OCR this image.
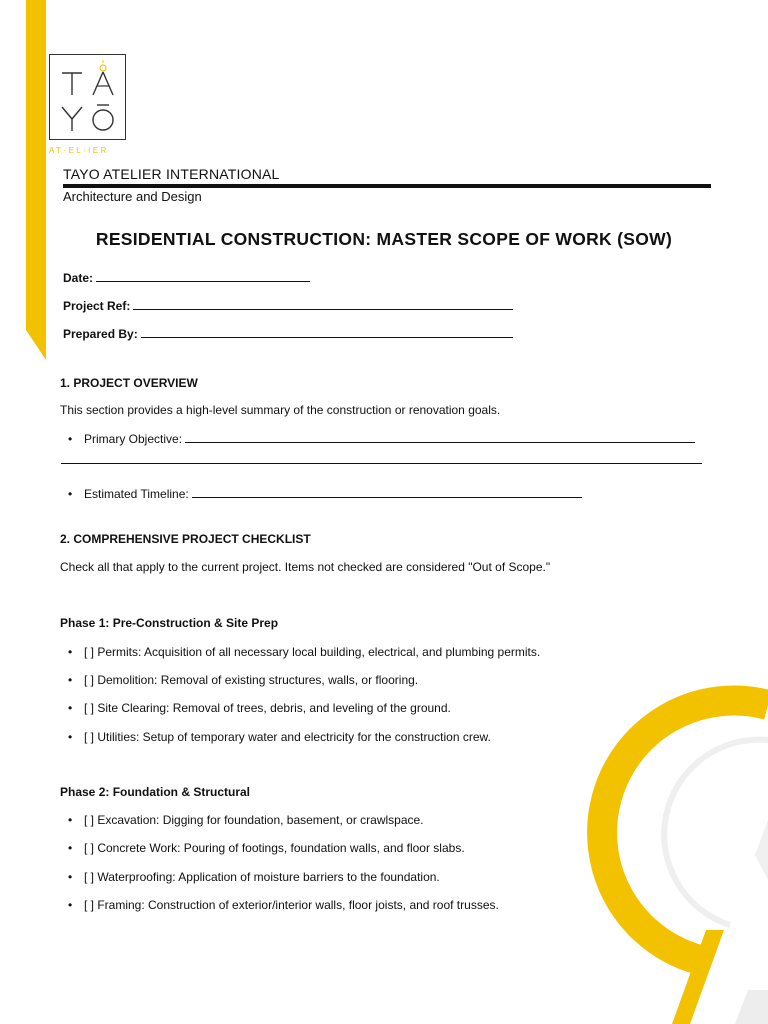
AT·EL·IER
TAYO ATELIER INTERNATIONAL
Architecture and Design
RESIDENTIAL CONSTRUCTION: MASTER SCOPE OF WORK (SOW)
Date:
Project Ref:
Prepared By:
1. PROJECT OVERVIEW
This section provides a high-level summary of the construction or renovation goals.
• Primary Objective:
• Estimated Timeline:
2. COMPREHENSIVE PROJECT CHECKLIST
Check all that apply to the current project. Items not checked are considered "Out of Scope."
Phase 1: Pre-Construction & Site Prep
• [ ] Permits: Acquisition of all necessary local building, electrical, and plumbing permits.
• [ ] Demolition: Removal of existing structures, walls, or flooring.
• [ ] Site Clearing: Removal of trees, debris, and leveling of the ground.
• [ ] Utilities: Setup of temporary water and electricity for the construction crew.
Phase 2: Foundation & Structural
• [ ] Excavation: Digging for foundation, basement, or crawlspace.
• [ ] Concrete Work: Pouring of footings, foundation walls, and floor slabs.
• [ ] Waterproofing: Application of moisture barriers to the foundation.
• [ ] Framing: Construction of exterior/interior walls, floor joists, and roof trusses.
